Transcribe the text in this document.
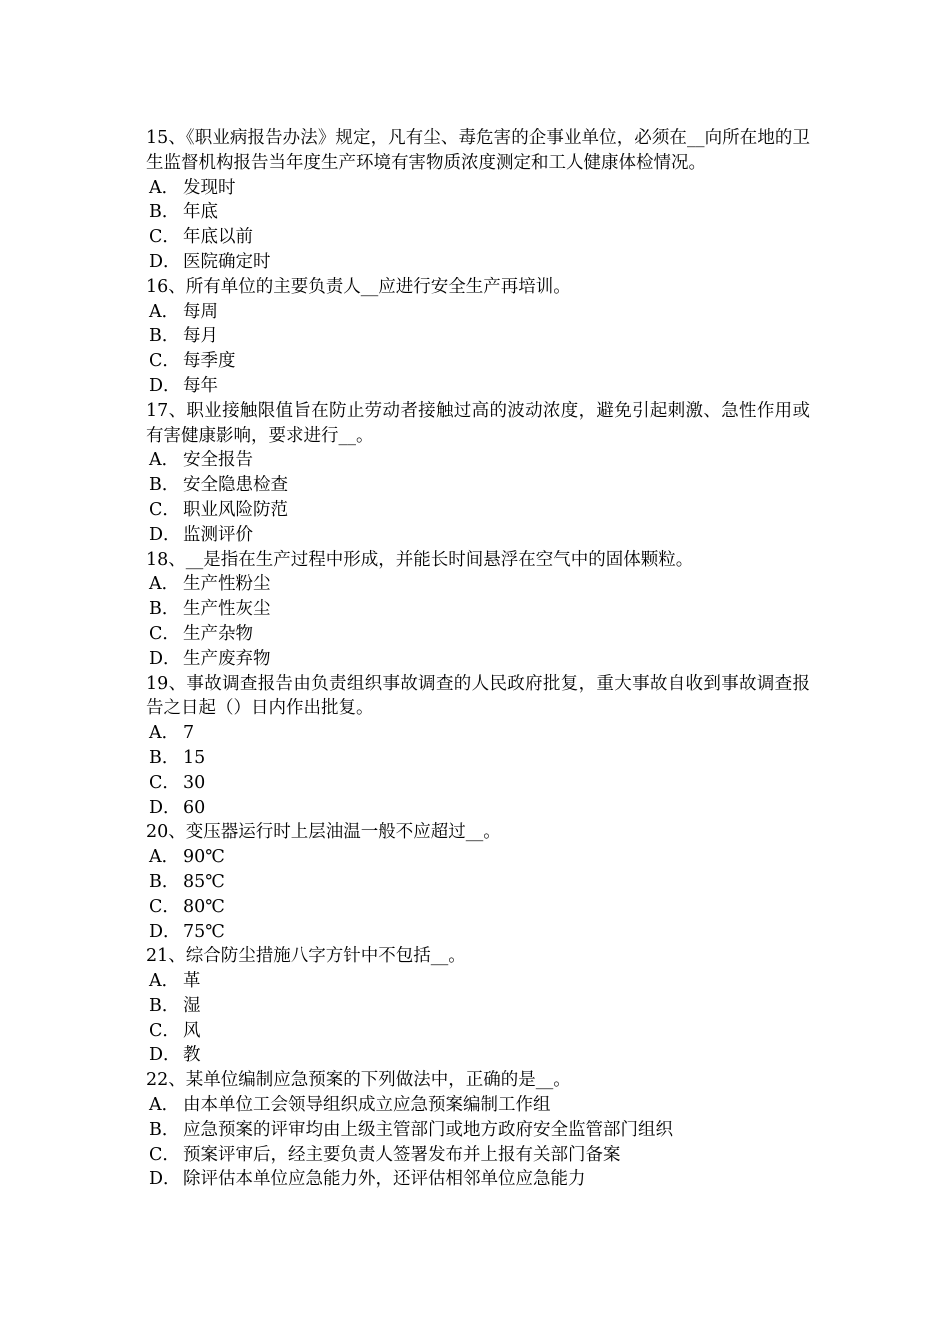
15、《职业病报告办法》规定，凡有尘、毒危害的企事业单位，必须在__向所在地的卫生监督机构报告当年度生产环境有害物质浓度测定和工人健康体检情况。

A． 发现时
B． 年底
C． 年底以前
D． 医院确定时

16、所有单位的主要负责人__应进行安全生产再培训。

A． 每周
B． 每月
C． 每季度
D． 每年

17、职业接触限值旨在防止劳动者接触过高的波动浓度，避免引起刺激、急性作用或有害健康影响，要求进行__。

A． 安全报告
B． 安全隐患检查
C． 职业风险防范
D． 监测评价

18、__是指在生产过程中形成，并能长时间悬浮在空气中的固体颗粒。

A． 生产性粉尘
B． 生产性灰尘
C． 生产杂物
D． 生产废弃物

19、事故调查报告由负责组织事故调查的人民政府批复，重大事故自收到事故调查报告之日起（）日内作出批复。

A． 7
B． 15
C． 30
D． 60

20、变压器运行时上层油温一般不应超过__。

A． 90℃
B． 85℃
C． 80℃
D． 75℃

21、综合防尘措施八字方针中不包括__。

A． 革
B． 湿
C． 风
D． 教

22、某单位编制应急预案的下列做法中，正确的是__。

A． 由本单位工会领导组织成立应急预案编制工作组
B． 应急预案的评审均由上级主管部门或地方政府安全监管部门组织
C． 预案评审后，经主要负责人签署发布并上报有关部门备案
D． 除评估本单位应急能力外，还评估相邻单位应急能力
